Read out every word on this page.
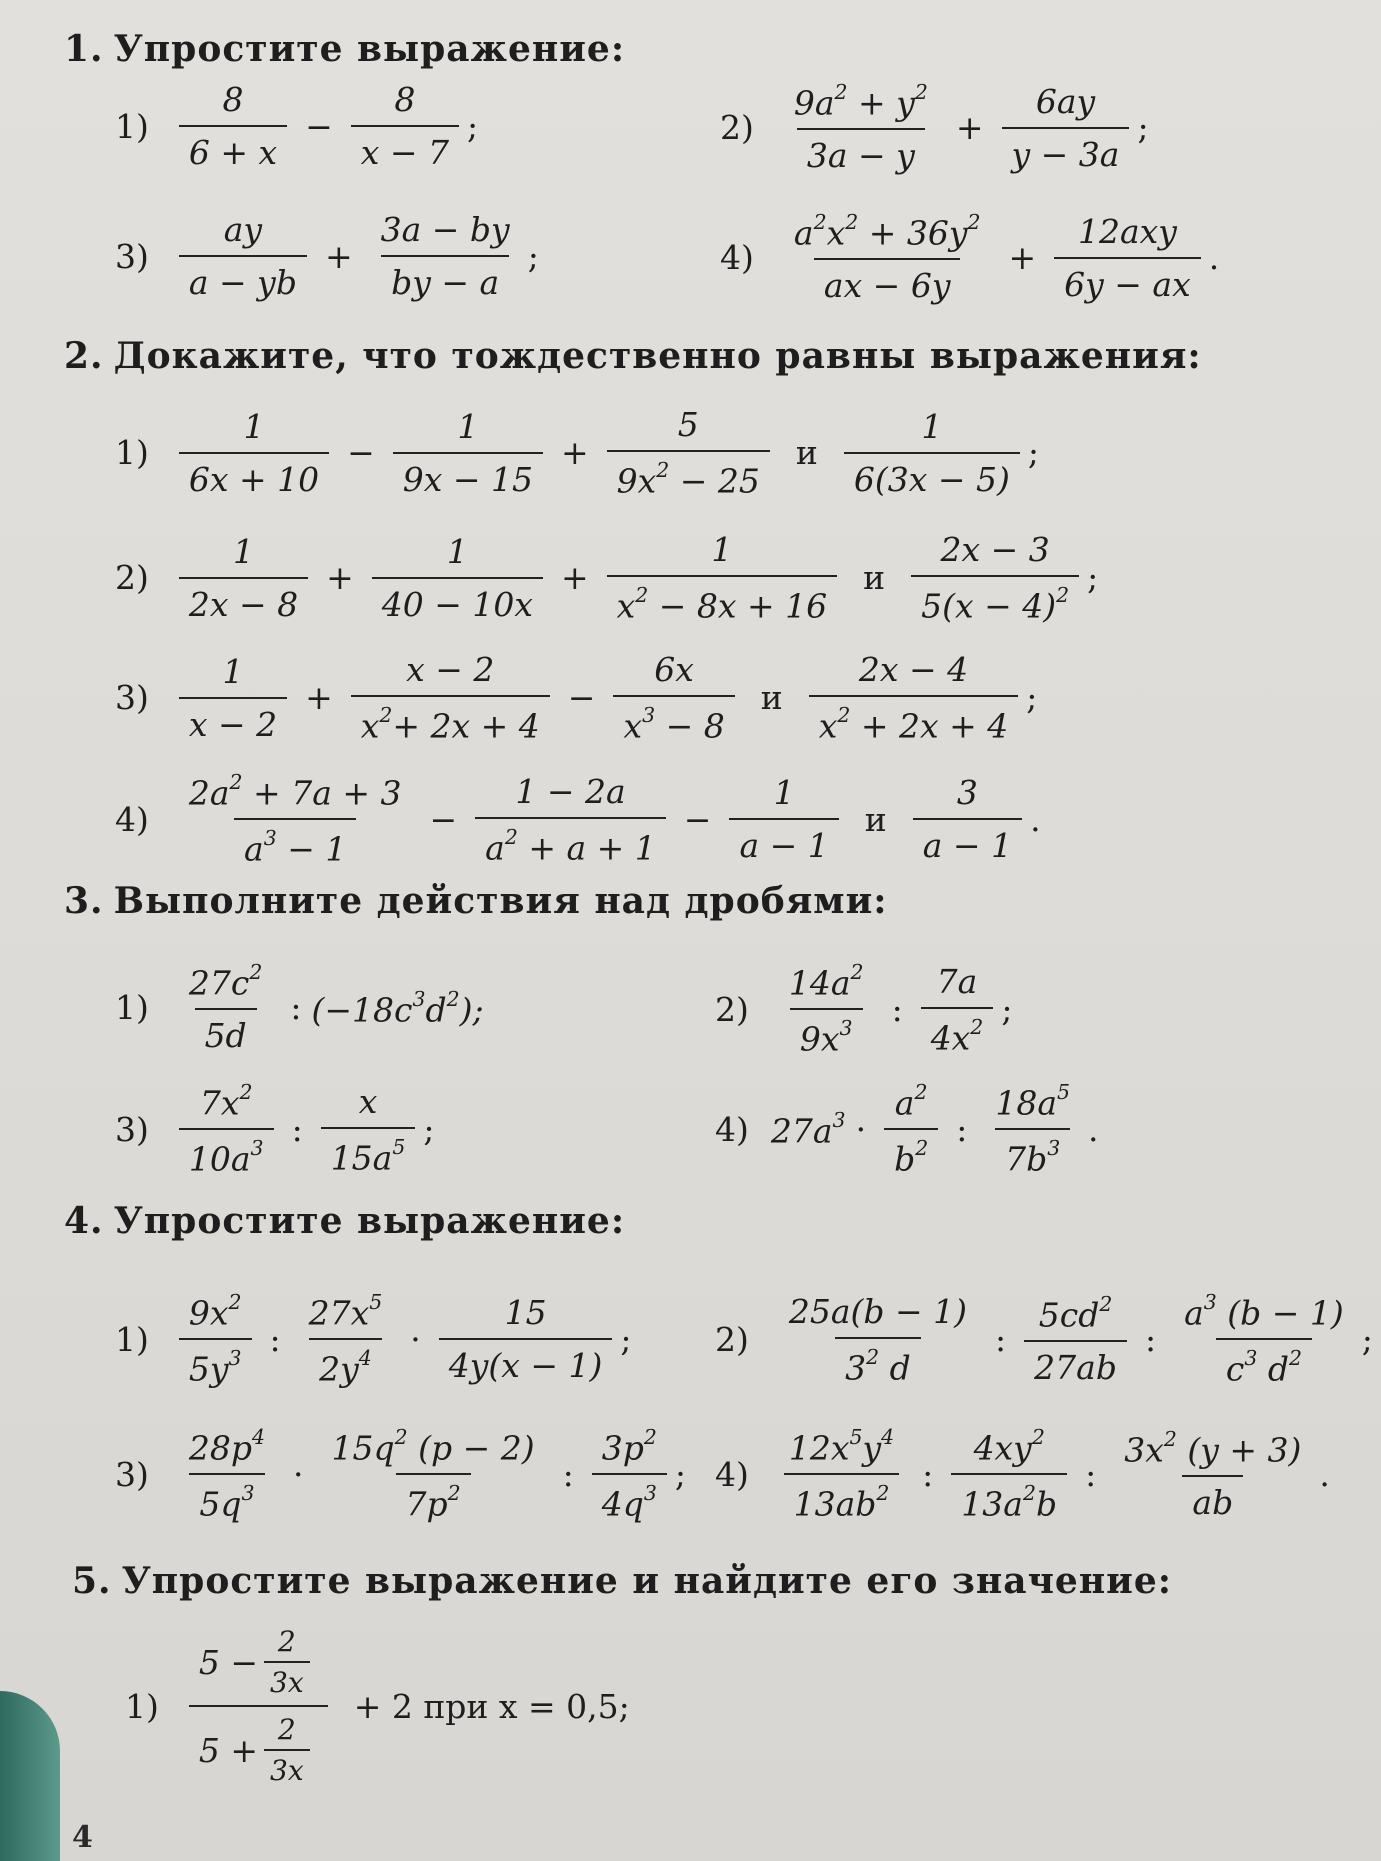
1. Упростите выражение:
$1) \frac{8}{6 + x} - \frac{8}{x - 7}$ ;	$2) \frac{9a^2 + y^2}{3a - y} + \frac{6ay}{y - 3a}$ ;
$3) \frac{ay}{a - yb} + \frac{3a - by}{by - a}$ ;	$4) \frac{a^2x^2 + 36y^2}{ax - 6y}$ +
12axy
6y − ax
.
2. Докажите, что тождественно равны выражения:
$1) \frac{1}{6x + 10} - \frac{1}{9x - 15} + \frac{5}{9x^2 - 25}$ и $\frac{1}{6(3x - 5)}$ ;
$2) \frac{1}{2x - 8} + \frac{1}{40 - 10x} + \frac{1}{x^2 - 8x + 16}$ и $\frac{2x - 3}{5(x - 4)^2}$ ;
$3) \frac{1}{x - 2} + \frac{x - 2}{x^2+ 2x + 4} - \frac{6x}{x^3 - 8}$ и $\frac{2x - 4}{x^2 + 2x + 4}$ ;
$4) \frac{2a^2 + 7a + 3}{a^3 - 1} - \frac{1 - 2a}{a^2 + a + 1} - \frac{1}{a - 1}$ и $\frac{3}{a - 1}$ .
3. Выполните действия над дробями:
$1) \frac{27c^2}{5d}$ : $(-18c^3d^2)$;	$2) \frac{14a^2}{9x^3}$ : $\frac{7a}{4x^2}$ ;
$3) \frac{7x^2}{10a^3}$ : $\frac{x}{15a^5}$ ;	4) $27a^3 \cdot \frac{a^2}{b^2}$ : $\frac{18a^5}{7b^3}$ .
4. Упростите выражение:
$1) \frac{9x^2}{5y^3}$ : $\frac{27x^5}{2y^4} \cdot \frac{15}{4y(x - 1)}$ ;	$2) \frac{25a(b - 1)}{3^2 d}$ : $\frac{5cd^2}{27ab}$ : $\frac{a^3 (b - 1)}{c^3 d^2}$ ;
$3) \frac{28p^4}{5q^3} \cdot \frac{15q^2 (p - 2)}{7p^2}$ : $\frac{3p^2}{4q^3}$ ; $4) \frac{12x^5y^4}{13ab^2}$ : $\frac{4xy^2}{13a^2b}$ : $\frac{3x^2 (y + 3)}{ab}$ .
5. Упростите выражение и найдите его значение:
$1) \frac{5 - \frac{2}{3x}}{5 + \frac{2}{3x}} + 2$ при x = 0,5;
4
